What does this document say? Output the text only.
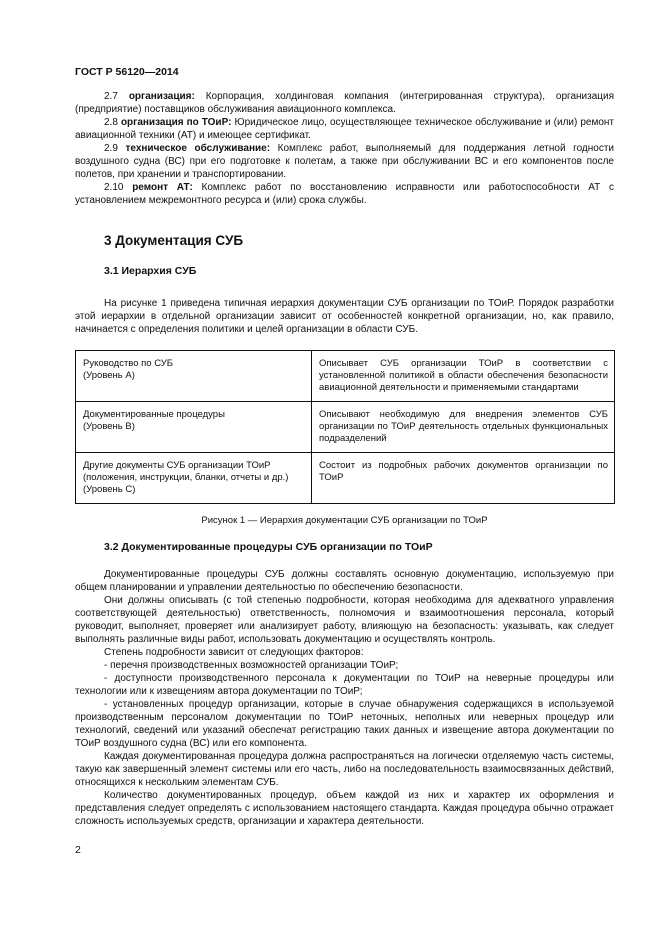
ГОСТ Р 56120—2014

2.7 организация: Корпорация, холдинговая компания (интегрированная структура), организация (предприятие) поставщиков обслуживания авиационного комплекса.

2.8 организация по ТОиР: Юридическое лицо, осуществляющее техническое обслуживание и (или) ремонт авиационной техники (АТ) и имеющее сертификат.

2.9 техническое обслуживание: Комплекс работ, выполняемый для поддержания летной годности воздушного судна (ВС) при его подготовке к полетам, а также при обслуживании ВС и его компонентов после полетов, при хранении и транспортировании.

2.10 ремонт АТ: Комплекс работ по восстановлению исправности или работоспособности АТ с установлением межремонтного ресурса и (или) срока службы.

3 Документация СУБ
3.1 Иерархия СУБ

На рисунке 1 приведена типичная иерархия документации СУБ организации по ТОиР. Порядок разработки этой иерархии в отдельной организации зависит от особенностей конкретной организации, но, как правило, начинается с определения политики и целей организации в области СУБ.

Руководство по СУБ
(Уровень А)	Описывает СУБ организации ТОиР в соответствии с установленной политикой в области обеспечения безопасности авиационной деятельности и применяемыми стандартами
Документированные процедуры
(Уровень В)	Описывают необходимую для внедрения элементов СУБ организации по ТОиР деятельность отдельных функциональных подразделений
Другие документы СУБ организации ТОиР (положения, инструкции, бланки, отчеты и др.)
(Уровень С)	Состоит из подробных рабочих документов организации по ТОиР

Рисунок 1 — Иерархия документации СУБ организации по ТОиР

3.2 Документированные процедуры СУБ организации по ТОиР

Документированные процедуры СУБ должны составлять основную документацию, используемую при общем планировании и управлении деятельностью по обеспечению безопасности.

Они должны описывать (с той степенью подробности, которая необходима для адекватного управления соответствующей деятельностью) ответственность, полномочия и взаимоотношения персонала, который руководит, выполняет, проверяет или анализирует работу, влияющую на безопасность: указывать, как следует выполнять различные виды работ, использовать документацию и осуществлять контроль.

Степень подробности зависит от следующих факторов:

- перечня производственных возможностей организации ТОиР;

- доступности производственного персонала к документации по ТОиР на неверные процедуры или технологии или к извещениям автора документации по ТОиР;

- установленных процедур организации, которые в случае обнаружения содержащихся в используемой производственным персоналом документации по ТОиР неточных, неполных или неверных процедур или технологий, сведений или указаний обеспечат регистрацию таких данных и извещение автора документации по ТОиР воздушного судна (ВС) или его компонента.

Каждая документированная процедура должна распространяться на логически отделяемую часть системы, такую как завершенный элемент системы или его часть, либо на последовательность взаимосвязанных действий, относящихся к нескольким элементам СУБ.

Количество документированных процедур, объем каждой из них и характер их оформления и представления следует определять с использованием настоящего стандарта. Каждая процедура обычно отражает сложность используемых средств, организации и характера деятельности.

2
